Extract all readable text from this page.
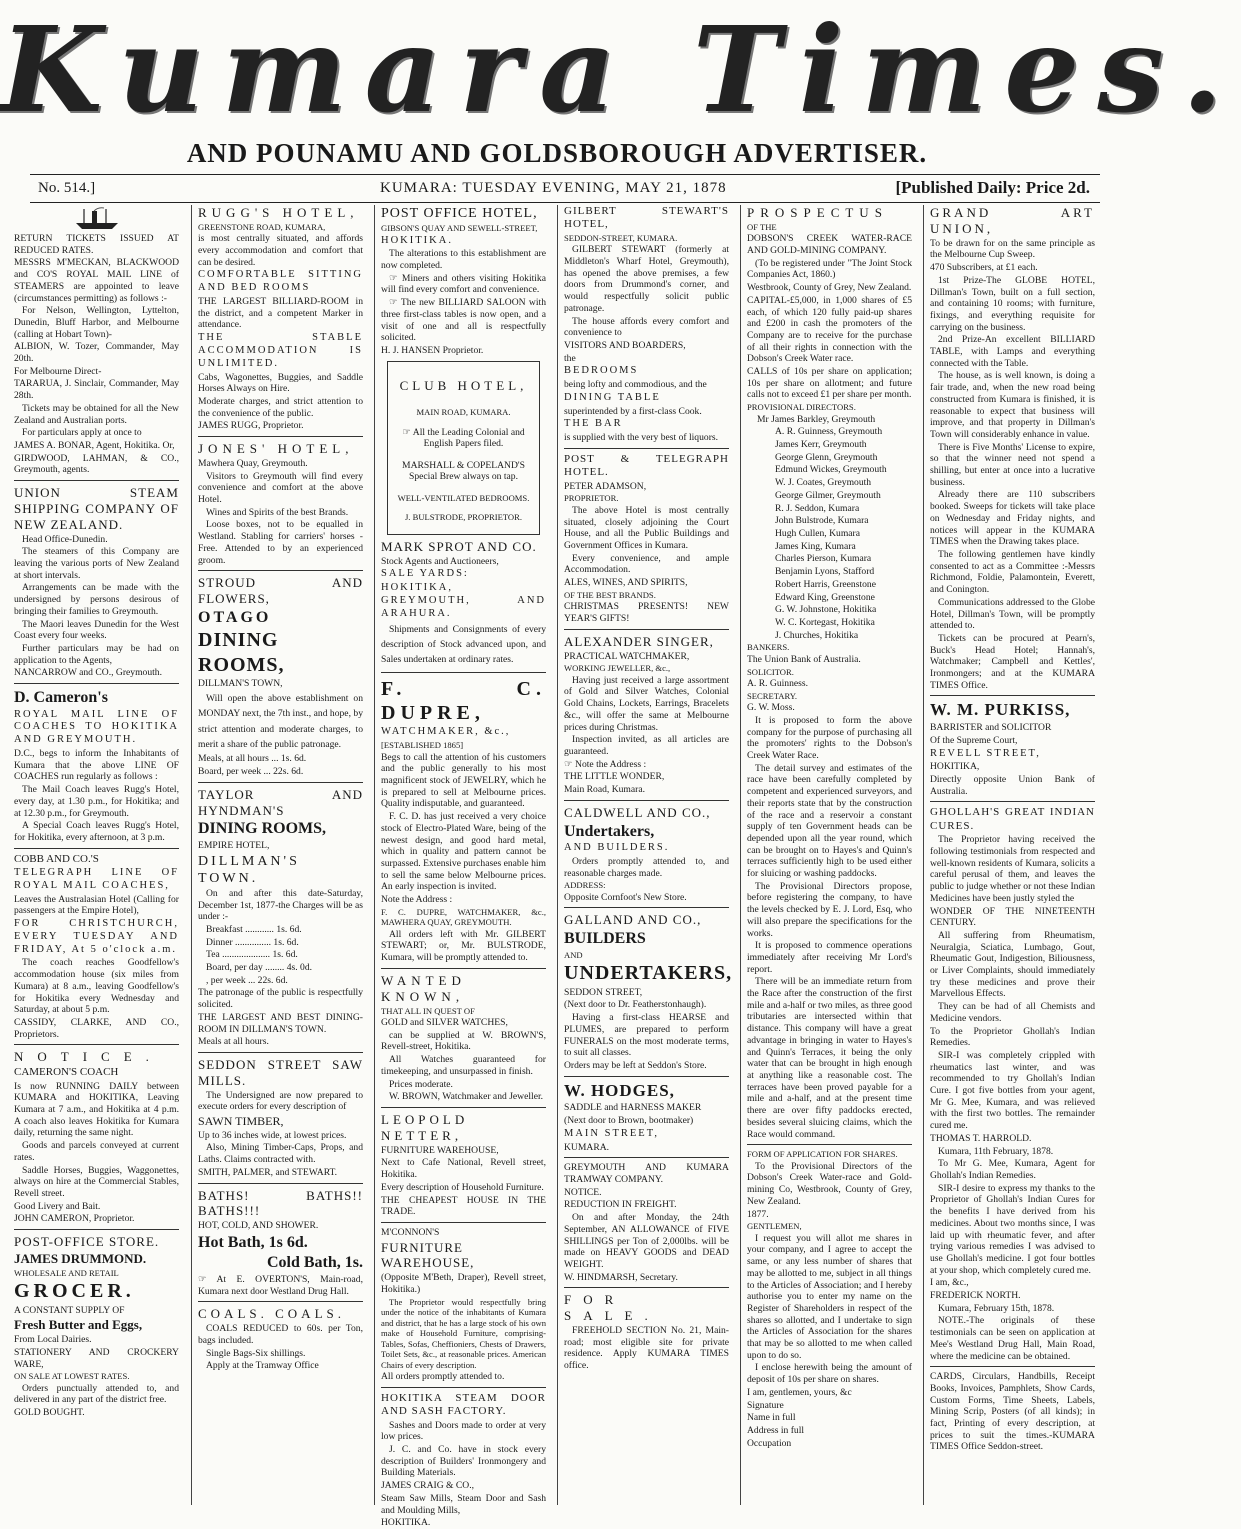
Kumara Times.
AND POUNAMU AND GOLDSBOROUGH ADVERTISER.
No. 514.]	KUMARA: TUESDAY EVENING, MAY 21, 1878	[Published Daily: Price 2d.

RETURN TICKETS ISSUED AT REDUCED RATES.

MESSRS M'MECKAN, BLACKWOOD and CO'S ROYAL MAIL LINE of STEAMERS are appointed to leave (circumstances permitting) as follows :-

For Nelson, Wellington, Lyttelton, Dunedin, Bluff Harbor, and Melbourne (calling at Hobart Town)-

ALBION, W. Tozer, Commander, May 20th.

For Melbourne Direct-

TARARUA, J. Sinclair, Commander, May 28th.

Tickets may be obtained for all the New Zealand and Australian ports.

For particulars apply at once to

JAMES A. BONAR, Agent, Hokitika. Or,

GIRDWOOD, LAHMAN, & CO., Greymouth, agents.

UNION STEAM SHIPPING COMPANY OF NEW ZEALAND.

Head Office-Dunedin.

The steamers of this Company are leaving the various ports of New Zealand at short intervals.

Arrangements can be made with the undersigned by persons desirous of bringing their families to Greymouth.

The Maori leaves Dunedin for the West Coast every four weeks.

Further particulars may be had on application to the Agents,

NANCARROW and CO., Greymouth.

D. Cameron's

ROYAL MAIL LINE OF COACHES TO HOKITIKA AND GREYMOUTH.

D.C., begs to inform the Inhabitants of Kumara that the above LINE OF COACHES run regularly as follows :

The Mail Coach leaves Rugg's Hotel, every day, at 1.30 p.m., for Hokitika; and at 12.30 p.m., for Greymouth.

A Special Coach leaves Rugg's Hotel, for Hokitika, every afternoon, at 3 p.m.

COBB AND CO.'S

TELEGRAPH LINE OF ROYAL MAIL COACHES,

Leaves the Australasian Hotel (Calling for passengers at the Empire Hotel),

FOR CHRISTCHURCH, EVERY TUESDAY AND FRIDAY, At 5 o'clock a.m.

The coach reaches Goodfellow's accommodation house (six miles from Kumara) at 8 a.m., leaving Goodfellow's for Hokitika every Wednesday and Saturday, at about 5 p.m.

CASSIDY, CLARKE, AND CO., Proprietors.

NOTICE.

CAMERON'S COACH

Is now RUNNING DAILY between KUMARA and HOKITIKA, Leaving Kumara at 7 a.m., and Hokitika at 4 p.m. A coach also leaves Hokitika for Kumara daily, returning the same night.

Goods and parcels conveyed at current rates.

Saddle Horses, Buggies, Waggonettes, always on hire at the Commercial Stables, Revell street.

Good Livery and Bait.

JOHN CAMERON, Proprietor.

POST-OFFICE STORE.

JAMES DRUMMOND.

WHOLESALE AND RETAIL

GROCER.

A CONSTANT SUPPLY OF

Fresh Butter and Eggs,

From Local Dairies.

STATIONERY AND CROCKERY WARE,

ON SALE AT LOWEST RATES.

Orders punctually attended to, and delivered in any part of the district free.

GOLD BOUGHT.

RUGG'S HOTEL,

GREENSTONE ROAD, KUMARA,

is most centrally situated, and affords every accommodation and comfort that can be desired.

COMFORTABLE SITTING AND BED ROOMS

THE LARGEST BILLIARD-ROOM in the district, and a competent Marker in attendance.

THE STABLE ACCOMMODATION IS UNLIMITED.

Cabs, Wagonettes, Buggies, and Saddle Horses Always on Hire.

Moderate charges, and strict attention to the convenience of the public.

JAMES RUGG, Proprietor.

JONES' HOTEL,

Mawhera Quay, Greymouth.

Visitors to Greymouth will find every convenience and comfort at the above Hotel.

Wines and Spirits of the best Brands.

Loose boxes, not to be equalled in Westland. Stabling for carriers' horses -Free. Attended to by an experienced groom.

STROUD AND FLOWERS,

OTAGO

DINING ROOMS,

DILLMAN'S TOWN,

Will open the above establishment on MONDAY next, the 7th inst., and hope, by strict attention and moderate charges, to merit a share of the public patronage.

Meals, at all hours ... 1s. 6d.

Board, per week ... 22s. 6d.

TAYLOR AND HYNDMAN'S

DINING ROOMS,

EMPIRE HOTEL,

DILLMAN'S TOWN.

On and after this date-Saturday, December 1st, 1877-the Charges will be as under :-

Breakfast ............ 1s. 6d.

Dinner ............... 1s. 6d.

Tea .................... 1s. 6d.

Board, per day ........ 4s. 0d.

, per week ... 22s. 6d.

The patronage of the public is respectfully solicited.

THE LARGEST AND BEST DINING-ROOM IN DILLMAN'S TOWN.

Meals at all hours.

SEDDON STREET SAW MILLS.

The Undersigned are now prepared to execute orders for every description of

SAWN TIMBER,

Up to 36 inches wide, at lowest prices.

Also, Mining Timber-Caps, Props, and Laths. Claims contracted with.

SMITH, PALMER, and STEWART.

BATHS! BATHS!! BATHS!!!

HOT, COLD, AND SHOWER.

Hot Bath, 1s 6d.

Cold Bath, 1s.

☞ At E. OVERTON'S, Main-road, Kumara next door Westland Drug Hall.

COALS. COALS.

COALS REDUCED to 60s. per Ton, bags included.

Single Bags-Six shillings.

Apply at the Tramway Office

POST OFFICE HOTEL,

GIBSON'S QUAY AND SEWELL-STREET,

HOKITIKA.

The alterations to this establishment are now completed.

☞ Miners and others visiting Hokitika will find every comfort and convenience.

☞ The new BILLIARD SALOON with three first-class tables is now open, and a visit of one and all is respectfully solicited.

H. J. HANSEN Proprietor.

CLUB HOTEL,

MAIN ROAD, KUMARA.

☞ All the Leading Colonial and English Papers filed.

MARSHALL & COPELAND'S Special Brew always on tap.

WELL-VENTILATED BEDROOMS.

J. BULSTRODE, PROPRIETOR.

MARK SPROT AND CO.

Stock Agents and Auctioneers,

SALE YARDS:

HOKITIKA, GREYMOUTH, AND ARAHURA.

Shipments and Consignments of every description of Stock advanced upon, and Sales undertaken at ordinary rates.

F. C. DUPRE,

WATCHMAKER, &c.,

[ESTABLISHED 1865]

Begs to call the attention of his customers and the public generally to his most magnificent stock of JEWELRY, which he is prepared to sell at Melbourne prices. Quality indisputable, and guaranteed.

F. C. D. has just received a very choice stock of Electro-Plated Ware, being of the newest design, and good hard metal, which in quality and pattern cannot be surpassed. Extensive purchases enable him to sell the same below Melbourne prices. An early inspection is invited.

Note the Address :

F. C. DUPRE, WATCHMAKER, &c., MAWHERA QUAY, GREYMOUTH.

All orders left with Mr. GILBERT STEWART; or, Mr. BULSTRODE, Kumara, will be promptly attended to.

WANTED KNOWN,

THAT ALL IN QUEST OF

GOLD and SILVER WATCHES,

can be supplied at W. BROWN'S, Revell-street, Hokitika.

All Watches guaranteed for timekeeping, and unsurpassed in finish.

Prices moderate.

W. BROWN, Watchmaker and Jeweller.

LEOPOLD NETTER,

FURNITURE WAREHOUSE,

Next to Cafe National, Revell street, Hokitika.

Every description of Household Furniture.

THE CHEAPEST HOUSE IN THE TRADE.

M'CONNON'S

FURNITURE WAREHOUSE,

(Opposite M'Beth, Draper), Revell street, Hokitika.)

The Proprietor would respectfully bring under the notice of the inhabitants of Kumara and district, that he has a large stock of his own make of Household Furniture, comprising-Tables, Sofas, Cheffioniers, Chests of Drawers, Toilet Sets, &c., at reasonable prices. American Chairs of every description.

All orders promptly attended to.

HOKITIKA STEAM DOOR AND SASH FACTORY.

Sashes and Doors made to order at very low prices.

J. C. and Co. have in stock every description of Builders' Ironmongery and Building Materials.

JAMES CRAIG & CO.,

Steam Saw Mills, Steam Door and Sash and Moulding Mills,

HOKITIKA.

GILBERT STEWART'S HOTEL,

SEDDON-STREET, KUMARA.

GILBERT STEWART (formerly at Middleton's Wharf Hotel, Greymouth), has opened the above premises, a few doors from Drummond's corner, and would respectfully solicit public patronage.

The house affords every comfort and convenience to

VISITORS AND BOARDERS,

the

BEDROOMS

being lofty and commodious, and the

DINING TABLE

superintended by a first-class Cook.

THE BAR

is supplied with the very best of liquors.

POST & TELEGRAPH HOTEL.

PETER ADAMSON,

PROPRIETOR.

The above Hotel is most centrally situated, closely adjoining the Court House, and all the Public Buildings and Government Offices in Kumara.

Every convenience, and ample Accommodation.

ALES, WINES, AND SPIRITS,

OF THE BEST BRANDS.

CHRISTMAS PRESENTS! NEW YEAR'S GIFTS!

ALEXANDER SINGER,

PRACTICAL WATCHMAKER,

WORKING JEWELLER, &c.,

Having just received a large assortment of Gold and Silver Watches, Colonial Gold Chains, Lockets, Earrings, Bracelets &c., will offer the same at Melbourne prices during Christmas.

Inspection invited, as all articles are guaranteed.

☞ Note the Address :

THE LITTLE WONDER,

Main Road, Kumara.

CALDWELL AND CO.,

Undertakers,

AND BUILDERS.

Orders promptly attended to, and reasonable charges made.

ADDRESS:

Opposite Cornfoot's New Store.

GALLAND AND CO.,

BUILDERS

AND

UNDERTAKERS,

SEDDON STREET,

(Next door to Dr. Featherstonhaugh).

Having a first-class HEARSE and PLUMES, are prepared to perform FUNERALS on the most moderate terms, to suit all classes.

Orders may be left at Seddon's Store.

W. HODGES,

SADDLE and HARNESS MAKER

(Next door to Brown, bootmaker)

MAIN STREET,

KUMARA.

GREYMOUTH AND KUMARA TRAMWAY COMPANY.

NOTICE.

REDUCTION IN FREIGHT.

On and after Monday, the 24th September, AN ALLOWANCE of FIVE SHILLINGS per Ton of 2,000lbs. will be made on HEAVY GOODS and DEAD WEIGHT.

W. HINDMARSH, Secretary.

FOR SALE.

FREEHOLD SECTION No. 21, Main-road; most eligible site for private residence. Apply KUMARA TIMES office.

PROSPECTUS

OF THE

DOBSON'S CREEK WATER-RACE AND GOLD-MINING COMPANY.

(To be registered under "The Joint Stock Companies Act, 1860.)

Westbrook, County of Grey, New Zealand.

CAPITAL-£5,000, in 1,000 shares of £5 each, of which 120 fully paid-up shares and £200 in cash the promoters of the Company are to receive for the purchase of all their rights in connection with the Dobson's Creek Water race.

CALLS of 10s per share on application; 10s per share on allotment; and future calls not to exceed £1 per share per month.

PROVISIONAL DIRECTORS.

Mr James Barkley, Greymouth

A. R. Guinness, Greymouth

James Kerr, Greymouth

George Glenn, Greymouth

Edmund Wickes, Greymouth

W. J. Coates, Greymouth

George Gilmer, Greymouth

R. J. Seddon, Kumara

John Bulstrode, Kumara

Hugh Cullen, Kumara

James King, Kumara

Charles Pierson, Kumara

Benjamin Lyons, Stafford

Robert Harris, Greenstone

Edward King, Greenstone

G. W. Johnstone, Hokitika

W. C. Kortegast, Hokitika

J. Churches, Hokitika

BANKERS.

The Union Bank of Australia.

SOLICITOR.

A. R. Guinness.

SECRETARY.

G. W. Moss.

It is proposed to form the above company for the purpose of purchasing all the promoters' rights to the Dobson's Creek Water Race.

The detail survey and estimates of the race have been carefully completed by competent and experienced surveyors, and their reports state that by the construction of the race and a reservoir a constant supply of ten Government heads can be depended upon all the year round, which can be brought on to Hayes's and Quinn's terraces sufficiently high to be used either for sluicing or washing paddocks.

The Provisional Directors propose, before registering the company, to have the levels checked by E. J. Lord, Esq, who will also prepare the specifications for the works.

It is proposed to commence operations immediately after receiving Mr Lord's report.

There will be an immediate return from the Race after the construction of the first mile and a-half or two miles, as three good tributaries are intersected within that distance. This company will have a great advantage in bringing in water to Hayes's and Quinn's Terraces, it being the only water that can be brought in high enough at anything like a reasonable cost. The terraces have been proved payable for a mile and a-half, and at the present time there are over fifty paddocks erected, besides several sluicing claims, which the Race would command.

FORM OF APPLICATION FOR SHARES.

To the Provisional Directors of the Dobson's Creek Water-race and Gold-mining Co, Westbrook, County of Grey, New Zealand.

1877.

GENTLEMEN,

I request you will allot me shares in your company, and I agree to accept the same, or any less number of shares that may be allotted to me, subject in all things to the Articles of Association; and I hereby authorise you to enter my name on the Register of Shareholders in respect of the shares so allotted, and I undertake to sign the Articles of Association for the shares that may be so allotted to me when called upon to do so.

I enclose herewith being the amount of deposit of 10s per share on shares.

I am, gentlemen, yours, &c

Signature

Name in full

Address in full

Occupation

GRAND ART UNION,

To be drawn for on the same principle as the Melbourne Cup Sweep.

470 Subscribers, at £1 each.

1st Prize-The GLOBE HOTEL, Dillman's Town, built on a full section, and containing 10 rooms; with furniture, fixings, and everything requisite for carrying on the business.

2nd Prize-An excellent BILLIARD TABLE, with Lamps and everything connected with the Table.

The house, as is well known, is doing a fair trade, and, when the new road being constructed from Kumara is finished, it is reasonable to expect that business will improve, and that property in Dillman's Town will considerably enhance in value.

There is Five Months' License to expire, so that the winner need not spend a shilling, but enter at once into a lucrative business.

Already there are 110 subscribers booked. Sweeps for tickets will take place on Wednesday and Friday nights, and notices will appear in the KUMARA TIMES when the Drawing takes place.

The following gentlemen have kindly consented to act as a Committee :-Messrs Richmond, Foldie, Palamontein, Everett, and Conington.

Communications addressed to the Globe Hotel, Dillman's Town, will be promptly attended to.

Tickets can be procured at Pearn's, Buck's Head Hotel; Hannah's, Watchmaker; Campbell and Kettles', Ironmongers; and at the KUMARA TIMES Office.

W. M. PURKISS,

BARRISTER and SOLICITOR

Of the Supreme Court,

REVELL STREET,

HOKITIKA,

Directly opposite Union Bank of Australia.

GHOLLAH'S GREAT INDIAN CURES.

The Proprietor having received the following testimonials from respected and well-known residents of Kumara, solicits a careful perusal of them, and leaves the public to judge whether or not these Indian Medicines have been justly styled the

WONDER OF THE NINETEENTH CENTURY.

All suffering from Rheumatism, Neuralgia, Sciatica, Lumbago, Gout, Rheumatic Gout, Indigestion, Biliousness, or Liver Complaints, should immediately try these medicines and prove their Marvellous Effects.

They can be had of all Chemists and Medicine vendors.

To the Proprietor Ghollah's Indian Remedies.

SIR-I was completely crippled with rheumatics last winter, and was recommended to try Ghollah's Indian Cure. I got five bottles from your agent, Mr G. Mee, Kumara, and was relieved with the first two bottles. The remainder cured me.

THOMAS T. HARROLD.

Kumara, 11th February, 1878.

To Mr G. Mee, Kumara, Agent for Ghollah's Indian Remedies.

SIR-I desire to express my thanks to the Proprietor of Ghollah's Indian Cures for the benefits I have derived from his medicines. About two months since, I was laid up with rheumatic fever, and after trying various remedies I was advised to use Ghollah's medicine. I got four bottles at your shop, which completely cured me.

I am, &c.,

FREDERICK NORTH.

Kumara, February 15th, 1878.

NOTE.-The originals of these testimonials can be seen on application at Mee's Westland Drug Hall, Main Road, where the medicine can be obtained.

CARDS, Circulars, Handbills, Receipt Books, Invoices, Pamphlets, Show Cards, Custom Forms, Time Sheets, Labels, Mining Scrip, Posters (of all kinds); in fact, Printing of every description, at prices to suit the times.-KUMARA TIMES Office Seddon-street.
